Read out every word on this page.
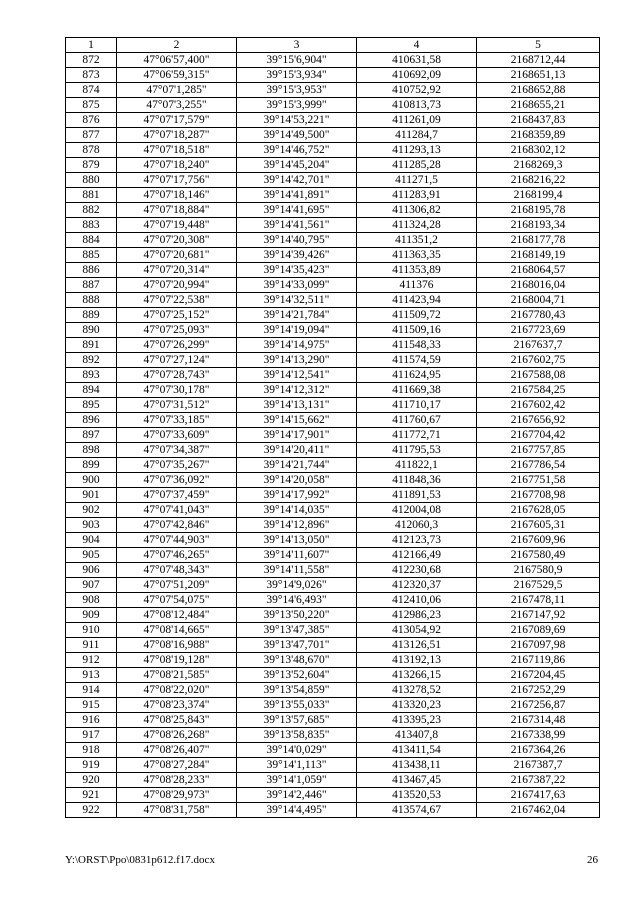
1	2	3	4	5
872	47°06'57,400"	39°15'6,904"	410631,58	2168712,44
873	47°06'59,315"	39°15'3,934"	410692,09	2168651,13
874	47°07'1,285"	39°15'3,953"	410752,92	2168652,88
875	47°07'3,255"	39°15'3,999"	410813,73	2168655,21
876	47°07'17,579"	39°14'53,221"	411261,09	2168437,83
877	47°07'18,287"	39°14'49,500"	411284,7	2168359,89
878	47°07'18,518"	39°14'46,752"	411293,13	2168302,12
879	47°07'18,240"	39°14'45,204"	411285,28	2168269,3
880	47°07'17,756"	39°14'42,701"	411271,5	2168216,22
881	47°07'18,146"	39°14'41,891"	411283,91	2168199,4
882	47°07'18,884"	39°14'41,695"	411306,82	2168195,78
883	47°07'19,448"	39°14'41,561"	411324,28	2168193,34
884	47°07'20,308"	39°14'40,795"	411351,2	2168177,78
885	47°07'20,681"	39°14'39,426"	411363,35	2168149,19
886	47°07'20,314"	39°14'35,423"	411353,89	2168064,57
887	47°07'20,994"	39°14'33,099"	411376	2168016,04
888	47°07'22,538"	39°14'32,511"	411423,94	2168004,71
889	47°07'25,152"	39°14'21,784"	411509,72	2167780,43
890	47°07'25,093"	39°14'19,094"	411509,16	2167723,69
891	47°07'26,299"	39°14'14,975"	411548,33	2167637,7
892	47°07'27,124"	39°14'13,290"	411574,59	2167602,75
893	47°07'28,743"	39°14'12,541"	411624,95	2167588,08
894	47°07'30,178"	39°14'12,312"	411669,38	2167584,25
895	47°07'31,512"	39°14'13,131"	411710,17	2167602,42
896	47°07'33,185"	39°14'15,662"	411760,67	2167656,92
897	47°07'33,609"	39°14'17,901"	411772,71	2167704,42
898	47°07'34,387"	39°14'20,411"	411795,53	2167757,85
899	47°07'35,267"	39°14'21,744"	411822,1	2167786,54
900	47°07'36,092"	39°14'20,058"	411848,36	2167751,58
901	47°07'37,459"	39°14'17,992"	411891,53	2167708,98
902	47°07'41,043"	39°14'14,035"	412004,08	2167628,05
903	47°07'42,846"	39°14'12,896"	412060,3	2167605,31
904	47°07'44,903"	39°14'13,050"	412123,73	2167609,96
905	47°07'46,265"	39°14'11,607"	412166,49	2167580,49
906	47°07'48,343"	39°14'11,558"	412230,68	2167580,9
907	47°07'51,209"	39°14'9,026"	412320,37	2167529,5
908	47°07'54,075"	39°14'6,493"	412410,06	2167478,11
909	47°08'12,484"	39°13'50,220"	412986,23	2167147,92
910	47°08'14,665"	39°13'47,385"	413054,92	2167089,69
911	47°08'16,988"	39°13'47,701"	413126,51	2167097,98
912	47°08'19,128"	39°13'48,670"	413192,13	2167119,86
913	47°08'21,585"	39°13'52,604"	413266,15	2167204,45
914	47°08'22,020"	39°13'54,859"	413278,52	2167252,29
915	47°08'23,374"	39°13'55,033"	413320,23	2167256,87
916	47°08'25,843"	39°13'57,685"	413395,23	2167314,48
917	47°08'26,268"	39°13'58,835"	413407,8	2167338,99
918	47°08'26,407"	39°14'0,029"	413411,54	2167364,26
919	47°08'27,284"	39°14'1,113"	413438,11	2167387,7
920	47°08'28,233"	39°14'1,059"	413467,45	2167387,22
921	47°08'29,973"	39°14'2,446"	413520,53	2167417,63
922	47°08'31,758"	39°14'4,495"	413574,67	2167462,04
Y:\ORST\Ppo\0831p612.f17.docx	26
